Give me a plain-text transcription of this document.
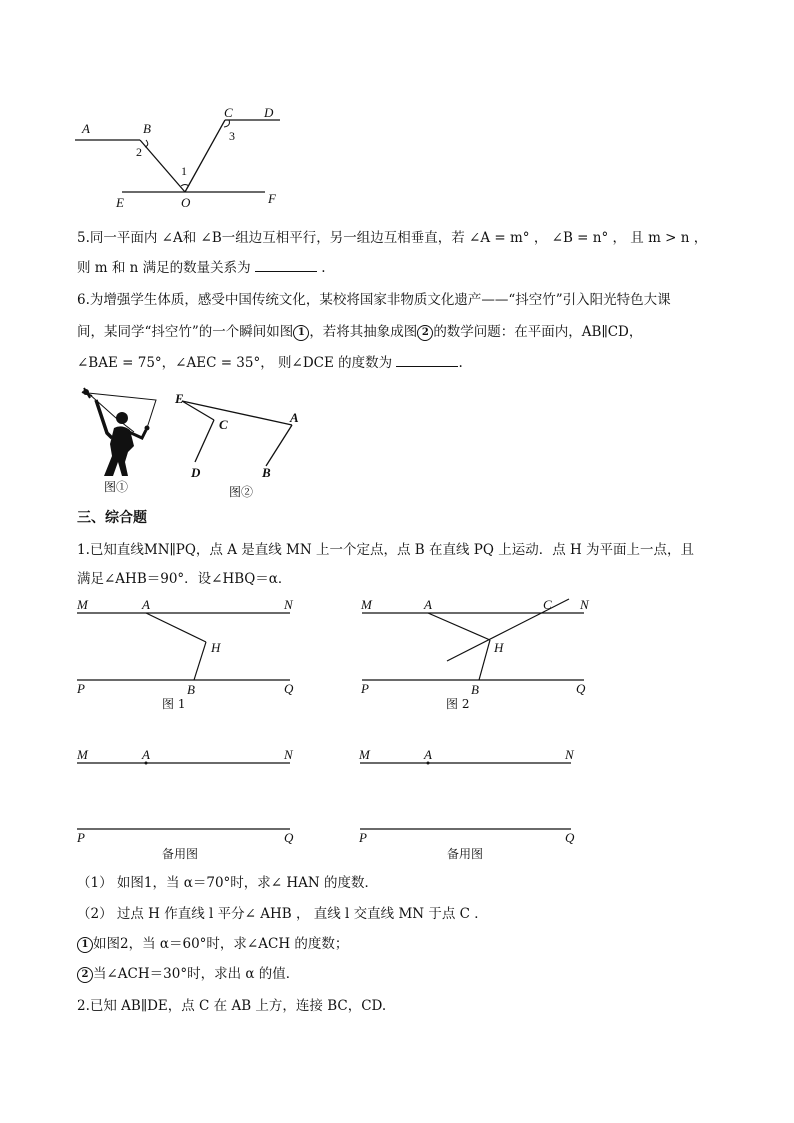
A	B
C D
E	F
O
1
2
3
5.同一平面内 ∠A和 ∠B一组边互相平行，另一组边互相垂直，若 ∠A = m° ， ∠B = n° ， 且 m > n ，
则 m 和 n 满足的数量关系为	.
6.为增强学生体质，感受中国传统文化，某校将国家非物质文化遗产——“抖空竹”引入阳光特色大课
间，某同学“抖空竹”的一个瞬间如图 1 ，若将其抽象成图 2 的数学问题：在平面内，AB∥CD，
∠BAE = 75°，∠AEC = 35°， 则∠DCE 的度数为	.
图①
E
C	A
D	B
图②
三、综合题
1.已知直线MN∥PQ，点 A 是直线 MN 上一个定点，点 B 在直线 PQ 上运动．点 H 为平面上一点，且
满足∠AHB＝90°．设∠HBQ＝α．
M	A	N
H
P	B	Q
图 1
M	A	C N
H
P	B	Q
图 2
M	A	N
P	Q
备用图
M	A	N
P	Q
备用图
（1） 如图1，当 α＝70°时，求∠ HAN 的度数．
（2） 过点 H 作直线 l 平分∠ AHB ， 直线 l 交直线 MN 于点 C ．
1 如图2，当 α＝60°时，求∠ACH 的度数；
2 当∠ACH＝30°时，求出 α 的值．
2.已知 AB∥DE，点 C 在 AB 上方，连接 BC，CD.
